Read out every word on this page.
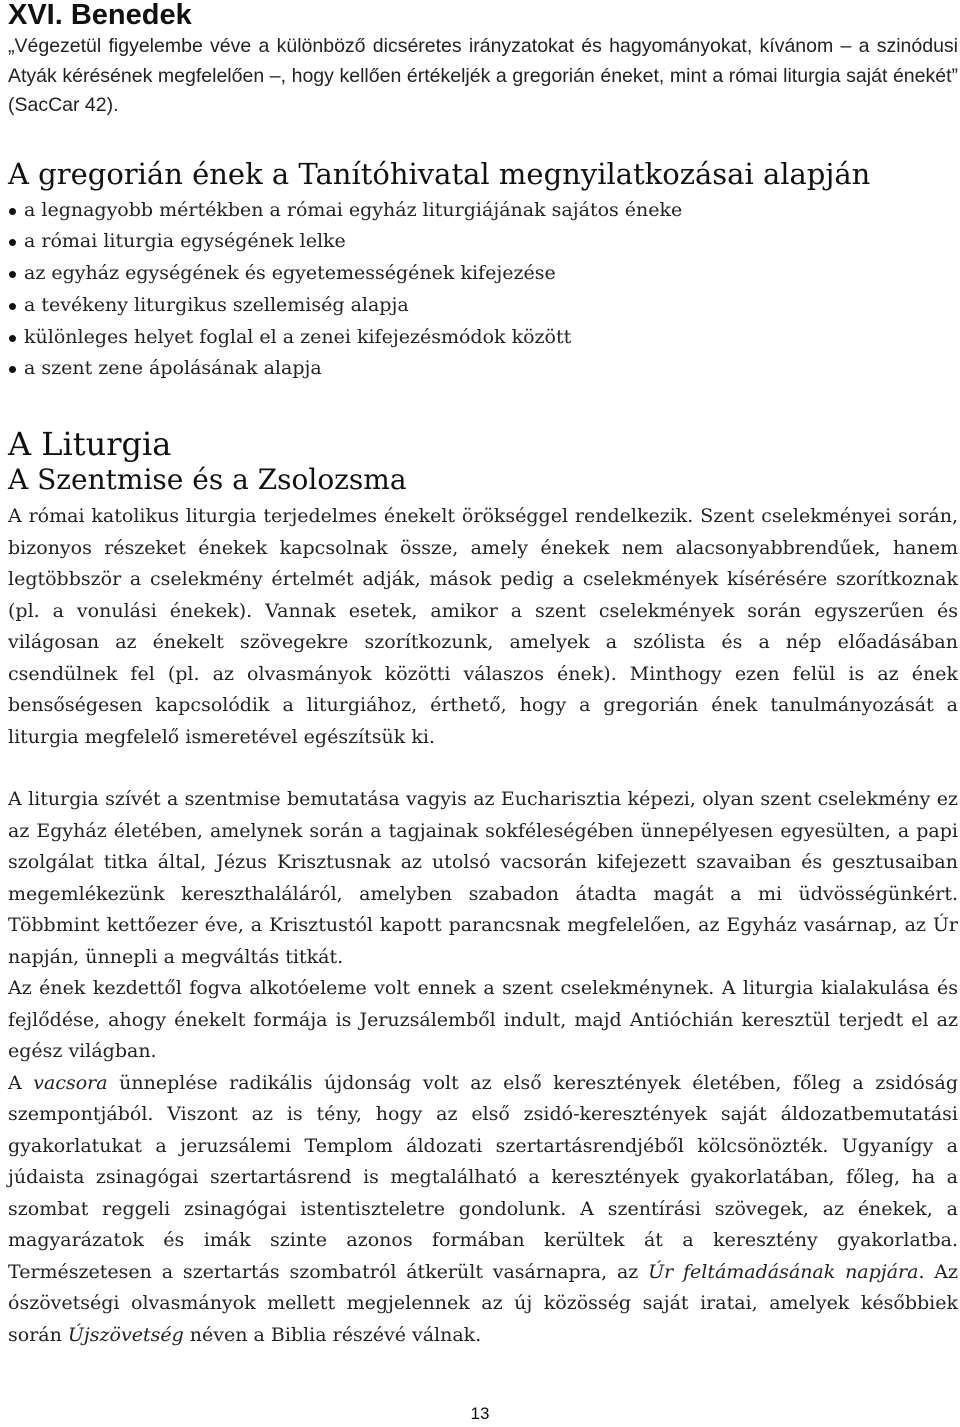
XVI. Benedek

„Végezetül figyelembe véve a különböző dicséretes irányzatokat és hagyományokat, kívánom – a szinódusi Atyák kérésének megfelelően –, hogy kellően értékeljék a gregorián éneket, mint a római liturgia saját énekét” (SacCar 42).

A gregorián ének a Tanítóhivatal megnyilatkozásai alapján
a legnagyobb mértékben a római egyház liturgiájának sajátos éneke
a római liturgia egységének lelke
az egyház egységének és egyetemességének kifejezése
a tevékeny liturgikus szellemiség alapja
különleges helyet foglal el a zenei kifejezésmódok között
a szent zene ápolásának alapja
A Liturgia
A Szentmise és a Zsolozsma

A római katolikus liturgia terjedelmes énekelt örökséggel rendelkezik. Szent cselekményei során, bizonyos részeket énekek kapcsolnak össze, amely énekek nem alacsonyabbrendűek, hanem legtöbbször a cselekmény értelmét adják, mások pedig a cselekmények kísérésére szorítkoznak (pl. a vonulási énekek). Vannak esetek, amikor a szent cselekmények során egyszerűen és világosan az énekelt szövegekre szorítkozunk, amelyek a szólista és a nép előadásában csendülnek fel (pl. az olvasmányok közötti válaszos ének). Minthogy ezen felül is az ének bensőségesen kapcsolódik a liturgiához, érthető, hogy a gregorián ének tanulmányozását a liturgia megfelelő ismeretével egészítsük ki.

A liturgia szívét a szentmise bemutatása vagyis az Eucharisztia képezi, olyan szent cselekmény ez az Egyház életében, amelynek során a tagjainak sokféleségében ünnepélyesen egyesülten, a papi szolgálat titka által, Jézus Krisztusnak az utolsó vacsorán kifejezett szavaiban és gesztusaiban megemlékezünk kereszthaláláról, amelyben szabadon átadta magát a mi üdvösségünkért. Többmint kettőezer éve, a Krisztustól kapott parancsnak megfelelően, az Egyház vasárnap, az Úr napján, ünnepli a megváltás titkát.

Az ének kezdettől fogva alkotóeleme volt ennek a szent cselekménynek. A liturgia kialakulása és fejlődése, ahogy énekelt formája is Jeruzsálemből indult, majd Antióchián keresztül terjedt el az egész világban.

A vacsora ünneplése radikális újdonság volt az első keresztények életében, főleg a zsidóság szempontjából. Viszont az is tény, hogy az első zsidó-keresztények saját áldozatbemutatási gyakorlatukat a jeruzsálemi Templom áldozati szertartásrendjéből kölcsönözték. Ugyanígy a júdaista zsinagógai szertartásrend is megtalálható a keresztények gyakorlatában, főleg, ha a szombat reggeli zsinagógai istentiszteletre gondolunk. A szentírási szövegek, az énekek, a magyarázatok és imák szinte azonos formában kerültek át a keresztény gyakorlatba. Természetesen a szertartás szombatról átkerült vasárnapra, az Úr feltámadásának napjára. Az ószövetségi olvasmányok mellett megjelennek az új közösség saját iratai, amelyek későbbiek során Újszövetség néven a Biblia részévé válnak.

13
